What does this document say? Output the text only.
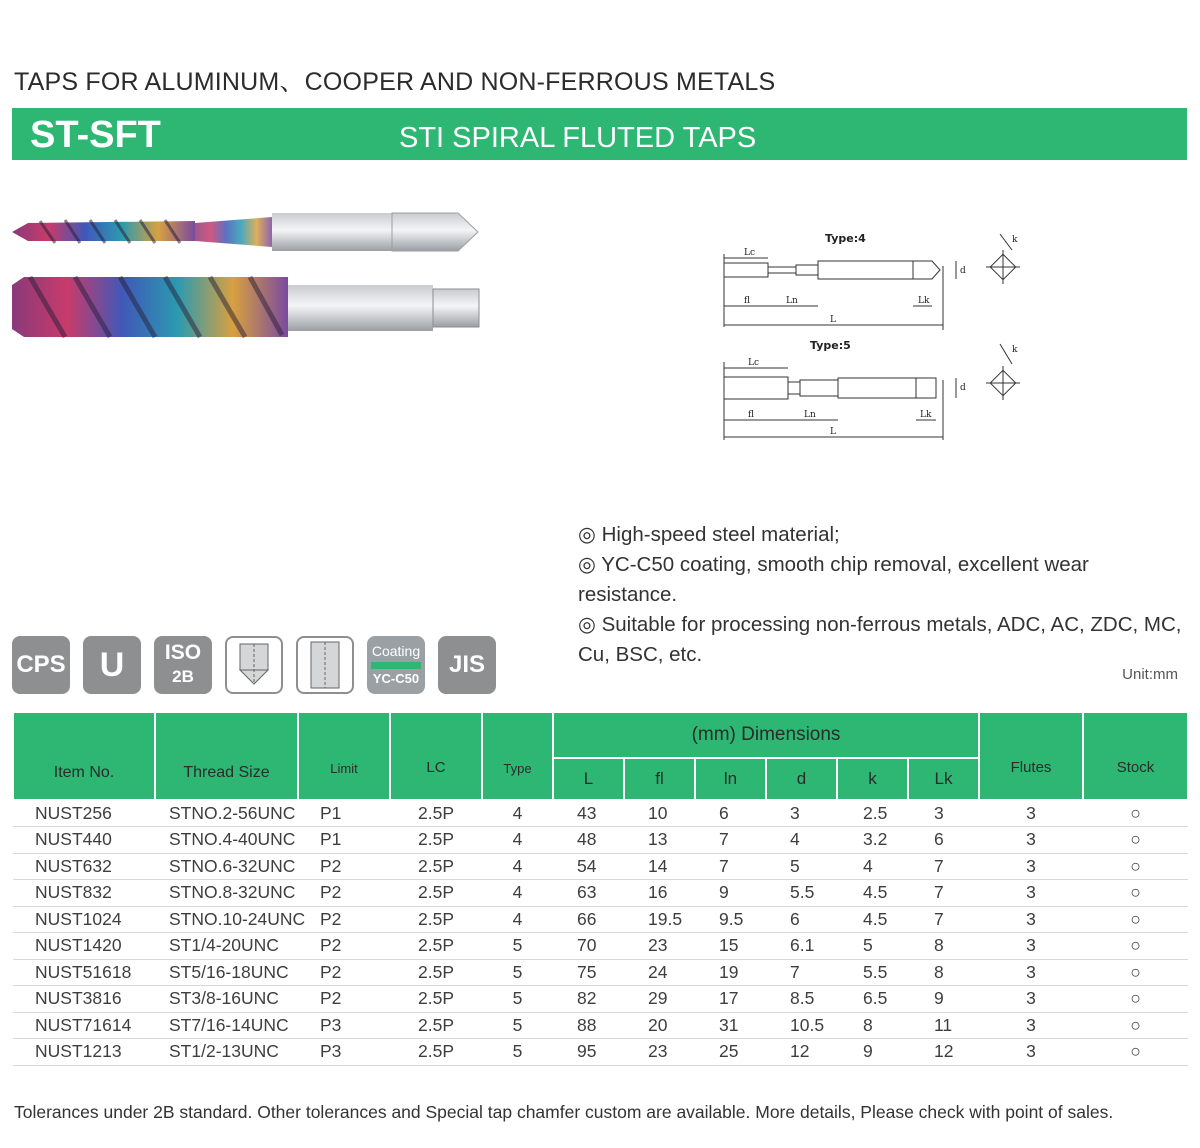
TAPS FOR ALUMINUM、COOPER AND NON-FERROUS METALS
ST-SFT	STI SPIRAL FLUTED TAPS
Type:4
Lc
fl	Ln	Lk
L
d
k
Type:5
Lc
fl	Ln	Lk
L
d
k
◎ High-speed steel material;
◎ YC-C50 coating, smooth chip removal, excellent wear resistance.
◎ Suitable for processing non-ferrous metals, ADC, AC, ZDC, MC, Cu, BSC, etc.
CPS	U	ISO
2B
Coating
YC-C50
JIS	Unit:mm
Item No.	Thread Size	Limit	LC	Type	(mm) Dimensions						Flutes	Stock
					L	fl	ln	d	k	Lk		
NUST256	STNO.2-56UNC	P1	2.5P	4	43	10	6	3	2.5	3	3	○
NUST440	STNO.4-40UNC	P1	2.5P	4	48	13	7	4	3.2	6	3	○
NUST632	STNO.6-32UNC	P2	2.5P	4	54	14	7	5	4	7	3	○
NUST832	STNO.8-32UNC	P2	2.5P	4	63	16	9	5.5	4.5	7	3	○
NUST1024	STNO.10-24UNC	P2	2.5P	4	66	19.5	9.5	6	4.5	7	3	○
NUST1420	ST1/4-20UNC	P2	2.5P	5	70	23	15	6.1	5	8	3	○
NUST51618	ST5/16-18UNC	P2	2.5P	5	75	24	19	7	5.5	8	3	○
NUST3816	ST3/8-16UNC	P2	2.5P	5	82	29	17	8.5	6.5	9	3	○
NUST71614	ST7/16-14UNC	P3	2.5P	5	88	20	31	10.5	8	11	3	○
NUST1213	ST1/2-13UNC	P3	2.5P	5	95	23	25	12	9	12	3	○
Tolerances under 2B standard. Other tolerances and Special tap chamfer custom are available. More details, Please check with point of sales.
